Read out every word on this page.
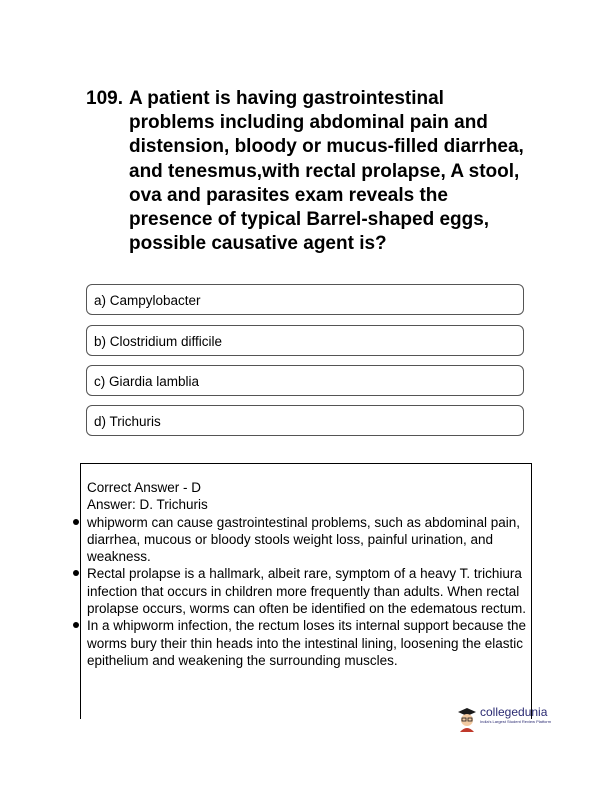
109. A patient is having gastrointestinal problems including abdominal pain and distension, bloody or mucus-filled diarrhea, and tenesmus,with rectal prolapse, A stool, ova and parasites exam reveals the presence of typical Barrel-shaped eggs, possible causative agent is?
a) Campylobacter
b) Clostridium difficile
c) Giardia lamblia
d) Trichuris
Correct Answer - D
Answer: D. Trichuris

whipworm can cause gastrointestinal problems, such as abdominal pain, diarrhea, mucous or bloody stools weight loss, painful urination, and weakness.

Rectal prolapse is a hallmark, albeit rare, symptom of a heavy T. trichiura infection that occurs in children more frequently than adults. When rectal prolapse occurs, worms can often be identified on the edematous rectum.

In a whipworm infection, the rectum loses its internal support because the worms bury their thin heads into the intestinal lining, loosening the elastic epithelium and weakening the surrounding muscles.

collegedunia
India's Largest Student Review Platform
